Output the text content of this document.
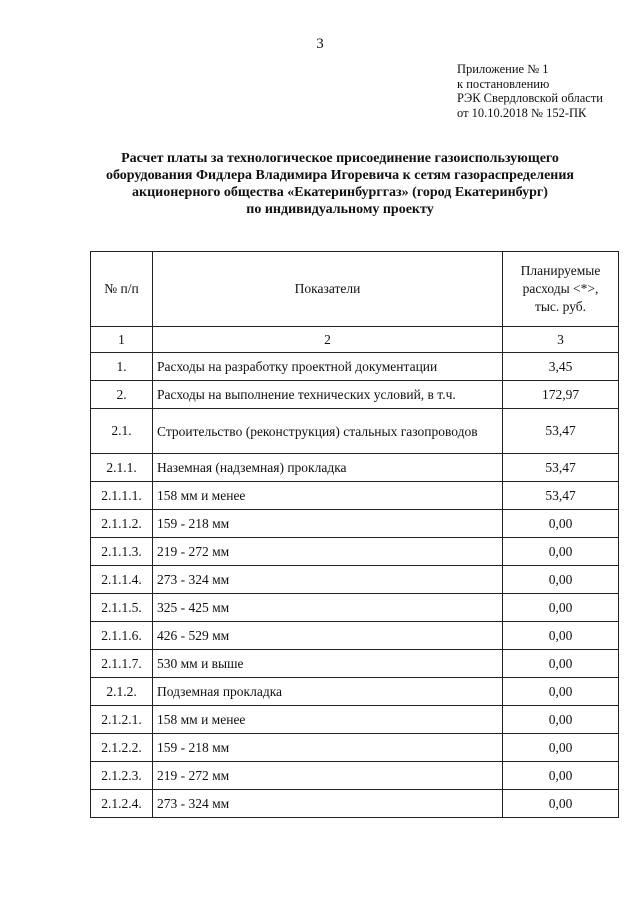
3
Приложение № 1
к постановлению
РЭК Свердловской области
от 10.10.2018 № 152-ПК
Расчет платы за технологическое присоединение газоиспользующего
оборудования Фидлера Владимира Игоревича к сетям газораспределения
акционерного общества «Екатеринбурггаз» (город Екатеринбург)
по индивидуальному проекту
№ п/п	Показатели	Планируемые
расходы <*>,
тыс. руб.

1	2	3
1.	Расходы на разработку проектной документации	3,45
2.	Расходы на выполнение технических условий, в т.ч.	172,97
2.1.	Строительство (реконструкция) стальных газопроводов	53,47
2.1.1.	Наземная (надземная) прокладка	53,47
2.1.1.1.	158 мм и менее	53,47
2.1.1.2.	159 - 218 мм	0,00
2.1.1.3.	219 - 272 мм	0,00
2.1.1.4.	273 - 324 мм	0,00
2.1.1.5.	325 - 425 мм	0,00
2.1.1.6.	426 - 529 мм	0,00
2.1.1.7.	530 мм и выше	0,00
2.1.2.	Подземная прокладка	0,00
2.1.2.1.	158 мм и менее	0,00
2.1.2.2.	159 - 218 мм	0,00
2.1.2.3.	219 - 272 мм	0,00
2.1.2.4.	273 - 324 мм	0,00
